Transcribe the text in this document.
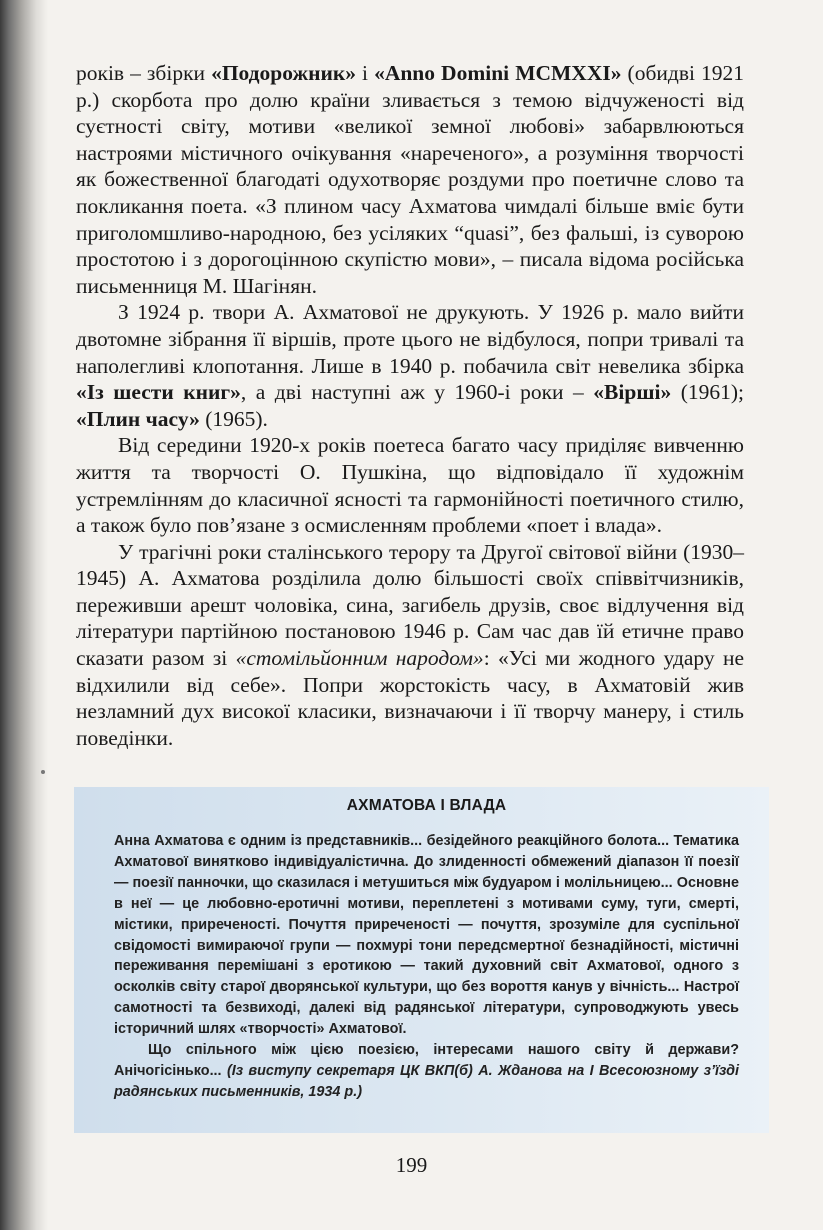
років – збірки «Подорожник» і «Anno Domini MCMXXI» (обидві 1921 р.) скорбота про долю країни зливається з темою відчуженості від суєтності світу, мотиви «великої земної любові» забарвлюються настроями містичного очікування «нареченого», а розуміння творчості як божественної благодаті одухотворяє роздуми про поетичне слово та покликання поета. «З плином часу Ахматова чимдалі більше вміє бути приголомшливо-народною, без усіляких “quasi”, без фальші, із суворою простотою і з дорогоцінною скупістю мови», – писала відома російська письменниця М. Шагінян.

З 1924 р. твори А. Ахматової не друкують. У 1926 р. мало вийти двотомне зібрання її віршів, проте цього не відбулося, попри тривалі та наполегливі клопотання. Лише в 1940 р. побачила світ невелика збірка «Із шести книг», а дві наступні аж у 1960-і роки – «Вірші» (1961); «Плин часу» (1965).

Від середини 1920-х років поетеса багато часу приділяє вивченню життя та творчості О. Пушкіна, що відповідало її художнім устремлінням до класичної ясності та гармонійності поетичного стилю, а також було пов’язане з осмисленням проблеми «поет і влада».

У трагічні роки сталінського терору та Другої світової війни (1930–1945) А. Ахматова розділила долю більшості своїх співвітчизників, переживши арешт чоловіка, сина, загибель друзів, своє відлучення від літератури партійною постановою 1946 р. Сам час дав їй етичне право сказати разом зі «стомільйонним народом»: «Усі ми жодного удару не відхилили від себе». Попри жорстокість часу, в Ахматовій жив незламний дух високої класики, визначаючи і її творчу манеру, і стиль поведінки.

АХМАТОВА І ВЛАДА

Анна Ахматова є одним із представників... безідейного реакційного болота... Тематика Ахматової винятково індивідуалістична. До злиденності обмежений діапазон її поезії — поезії панночки, що сказилася і метушиться між будуаром і молільницею... Основне в неї — це любовно-еротичні мотиви, переплетені з мотивами суму, туги, смерті, містики, приреченості. Почуття приреченості — почуття, зрозуміле для суспільної свідомості вимираючої групи — похмурі тони передсмертної безнадійності, містичні переживання перемішані з еротикою — такий духовний світ Ахматової, одного з осколків світу старої дворянської культури, що без вороття канув у вічність... Настрої самотності та безвиході, далекі від радянської літератури, супроводжують увесь історичний шлях «творчості» Ахматової.

Що спільного між цією поезією, інтересами нашого світу й держави? Анічогісінько... (Із виступу секретаря ЦК ВКП(б) А. Жданова на І Всесоюзному з’їзді радянських письменників, 1934 р.)

199
